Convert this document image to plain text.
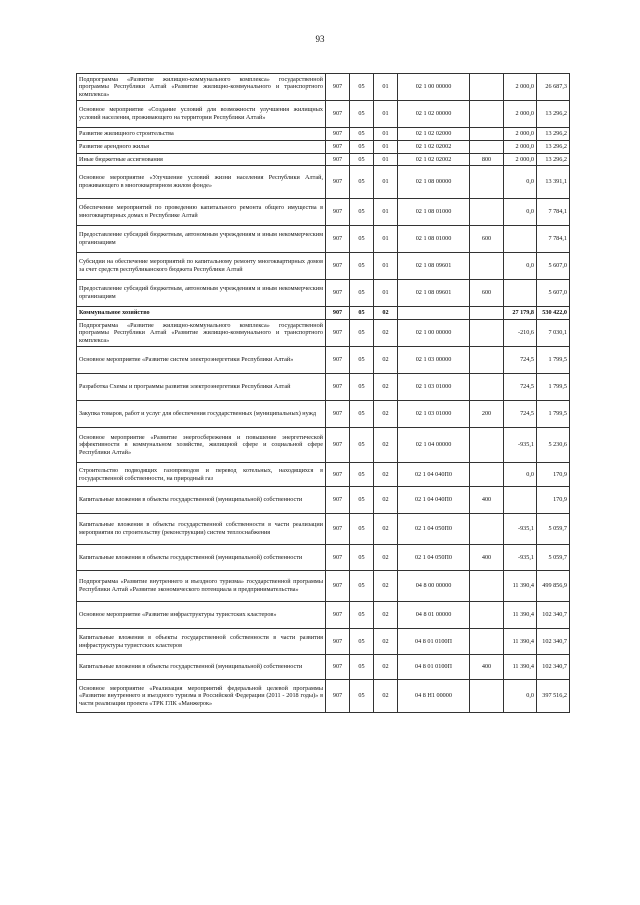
93
Подпрограмма «Развитие жилищно-коммунального комплекса» государственной программы Республики Алтай «Развитие жилищно-коммунального и транспортного комплекса»	907	05	01	02 1 00 00000		2 000,0	26 687,3
Основное мероприятие «Создание условий для возможности улучшения жилищных условий населения, проживающего на территории Республики Алтай»	907	05	01	02 1 02 00000		2 000,0	13 296,2
Развитие жилищного строительства	907	05	01	02 1 02 02000		2 000,0	13 296,2
Развитие арендного жилья	907	05	01	02 1 02 02002		2 000,0	13 296,2
Иные бюджетные ассигнования	907	05	01	02 1 02 02002	800	2 000,0	13 296,2
Основное мероприятие «Улучшение условий жизни населения Республики Алтай, проживающего в многоквартирном жилом фонде»	907	05	01	02 1 08 00000		0,0	13 391,1
Обеспечение мероприятий по проведению капитального ремонта общего имущества в многоквартирных домах в Республике Алтай	907	05	01	02 1 08 01000		0,0	7 784,1
Предоставление субсидий бюджетным, автономным учреждениям и иным некоммерческим организациям	907	05	01	02 1 08 01000	600		7 784,1
Субсидии на обеспечение мероприятий по капитальному ремонту многоквартирных домов за счет средств республиканского бюджета Республики Алтай	907	05	01	02 1 08 09601		0,0	5 607,0
Предоставление субсидий бюджетным, автономным учреждениям и иным некоммерческим организациям	907	05	01	02 1 08 09601	600		5 607,0
Коммунальное хозяйство	907	05	02			27 179,8	530 422,0
Подпрограмма «Развитие жилищно-коммунального комплекса» государственной программы Республики Алтай «Развитие жилищно-коммунального и транспортного комплекса»	907	05	02	02 1 00 00000		-210,6	7 030,1
Основное мероприятие «Развитие систем электроэнергетики Республики Алтай»	907	05	02	02 1 03 00000		724,5	1 799,5
Разработка Схемы и программы развития электроэнергетики Республики Алтай	907	05	02	02 1 03 01000		724,5	1 799,5
Закупка товаров, работ и услуг для обеспечения государственных (муниципальных) нужд	907	05	02	02 1 03 01000	200	724,5	1 799,5
Основное мероприятие «Развитие энергосбережения и повышение энергетической эффективности в коммунальном хозяйстве, жилищной сфере и социальной сфере Республики Алтай»	907	05	02	02 1 04 00000		-935,1	5 230,6
Строительство подводящих газопроводов и перевод котельных, находящихся в государственной собственности, на природный газ	907	05	02	02 1 04 040П0		0,0	170,9
Капитальные вложения в объекты государственной (муниципальной) собственности	907	05	02	02 1 04 040П0	400		170,9
Капитальные вложения в объекты государственной собственности в части реализации мероприятия по строительству (реконструкции) систем теплоснабжения	907	05	02	02 1 04 050П0		-935,1	5 059,7
Капитальные вложения в объекты государственной (муниципальной) собственности	907	05	02	02 1 04 050П0	400	-935,1	5 059,7
Подпрограмма «Развитие внутреннего и въездного туризма» государственной программы Республики Алтай «Развитие экономического потенциала и предпринимательства»	907	05	02	04 8 00 00000		11 390,4	499 856,9
Основное мероприятие «Развитие инфраструктуры туристских кластеров»	907	05	02	04 8 01 00000		11 390,4	102 340,7
Капитальные вложения в объекты государственной собственности в части развития инфраструктуры туристских кластеров	907	05	02	04 8 01 0100П		11 390,4	102 340,7
Капитальные вложения в объекты государственной (муниципальной) собственности	907	05	02	04 8 01 0100П	400	11 390,4	102 340,7
Основное мероприятие «Реализация мероприятий федеральной целевой программы «Развитие внутреннего и въездного туризма в Российской Федерации (2011 - 2018 годы)» в части реализации проекта «ТРК ГЛК «Манжерок»	907	05	02	04 8 Н1 00000		0,0	397 516,2
